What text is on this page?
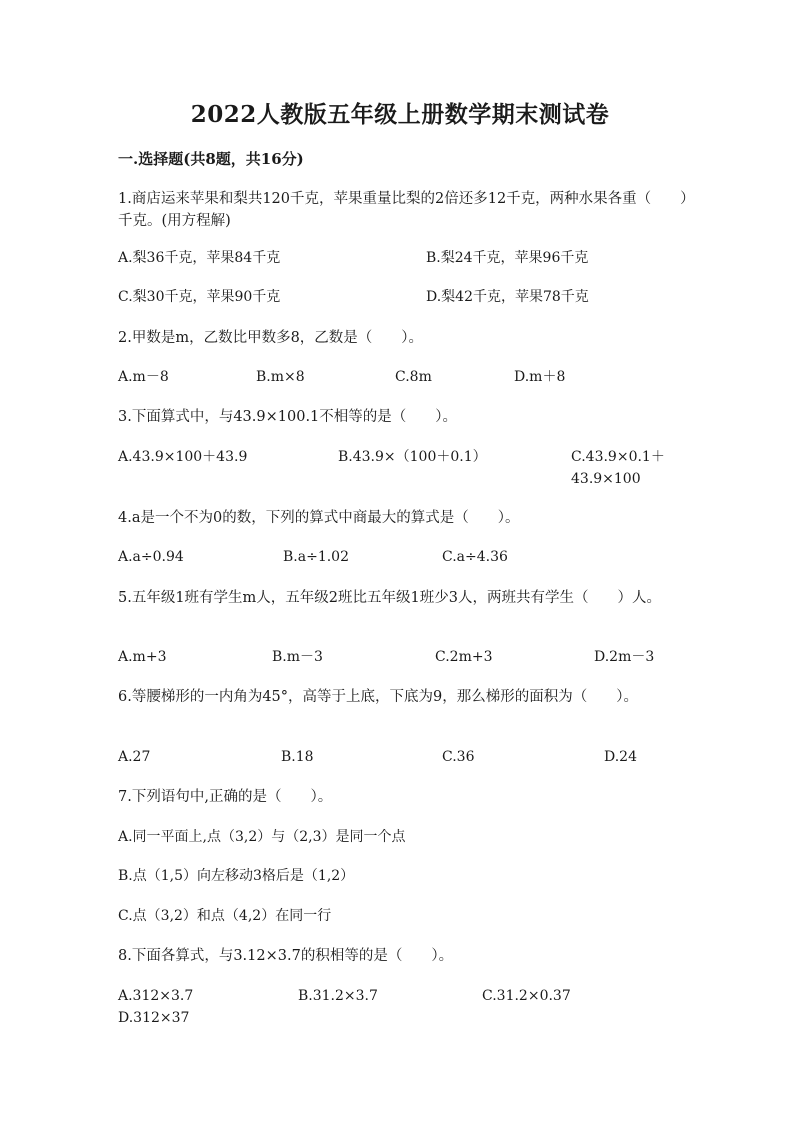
2022人教版五年级上册数学期末测试卷
一.选择题(共8题，共16分)
1.商店运来苹果和梨共120千克，苹果重量比梨的2倍还多12千克，两种水果各重（　　）千克。(用方程解)
A.梨36千克，苹果84千克	B.梨24千克，苹果96千克
C.梨30千克，苹果90千克	D.梨42千克，苹果78千克
2.甲数是m，乙数比甲数多8，乙数是（　　）。
A.m－8	B.m×8	C.8m	D.m＋8
3.下面算式中，与43.9×100.1不相等的是（　　）。
A.43.9×100＋43.9	B.43.9×（100＋0.1）	C.43.9×0.1＋43.9×100
4.a是一个不为0的数，下列的算式中商最大的算式是（　　）。
A.a÷0.94	B.a÷1.02	C.a÷4.36
5.五年级1班有学生m人，五年级2班比五年级1班少3人，两班共有学生（　　）人。
A.m+3	B.m－3	C.2m+3	D.2m－3
6.等腰梯形的一内角为45°，高等于上底，下底为9，那么梯形的面积为（　　）。
A.27	B.18	C.36	D.24
7.下列语句中,正确的是（　　）。
A.同一平面上,点（3,2）与（2,3）是同一个点
B.点（1,5）向左移动3格后是（1,2）
C.点（3,2）和点（4,2）在同一行
8.下面各算式，与3.12×3.7的积相等的是（　　）。
A.312×3.7	B.31.2×3.7	C.31.2×0.37
D.312×37
